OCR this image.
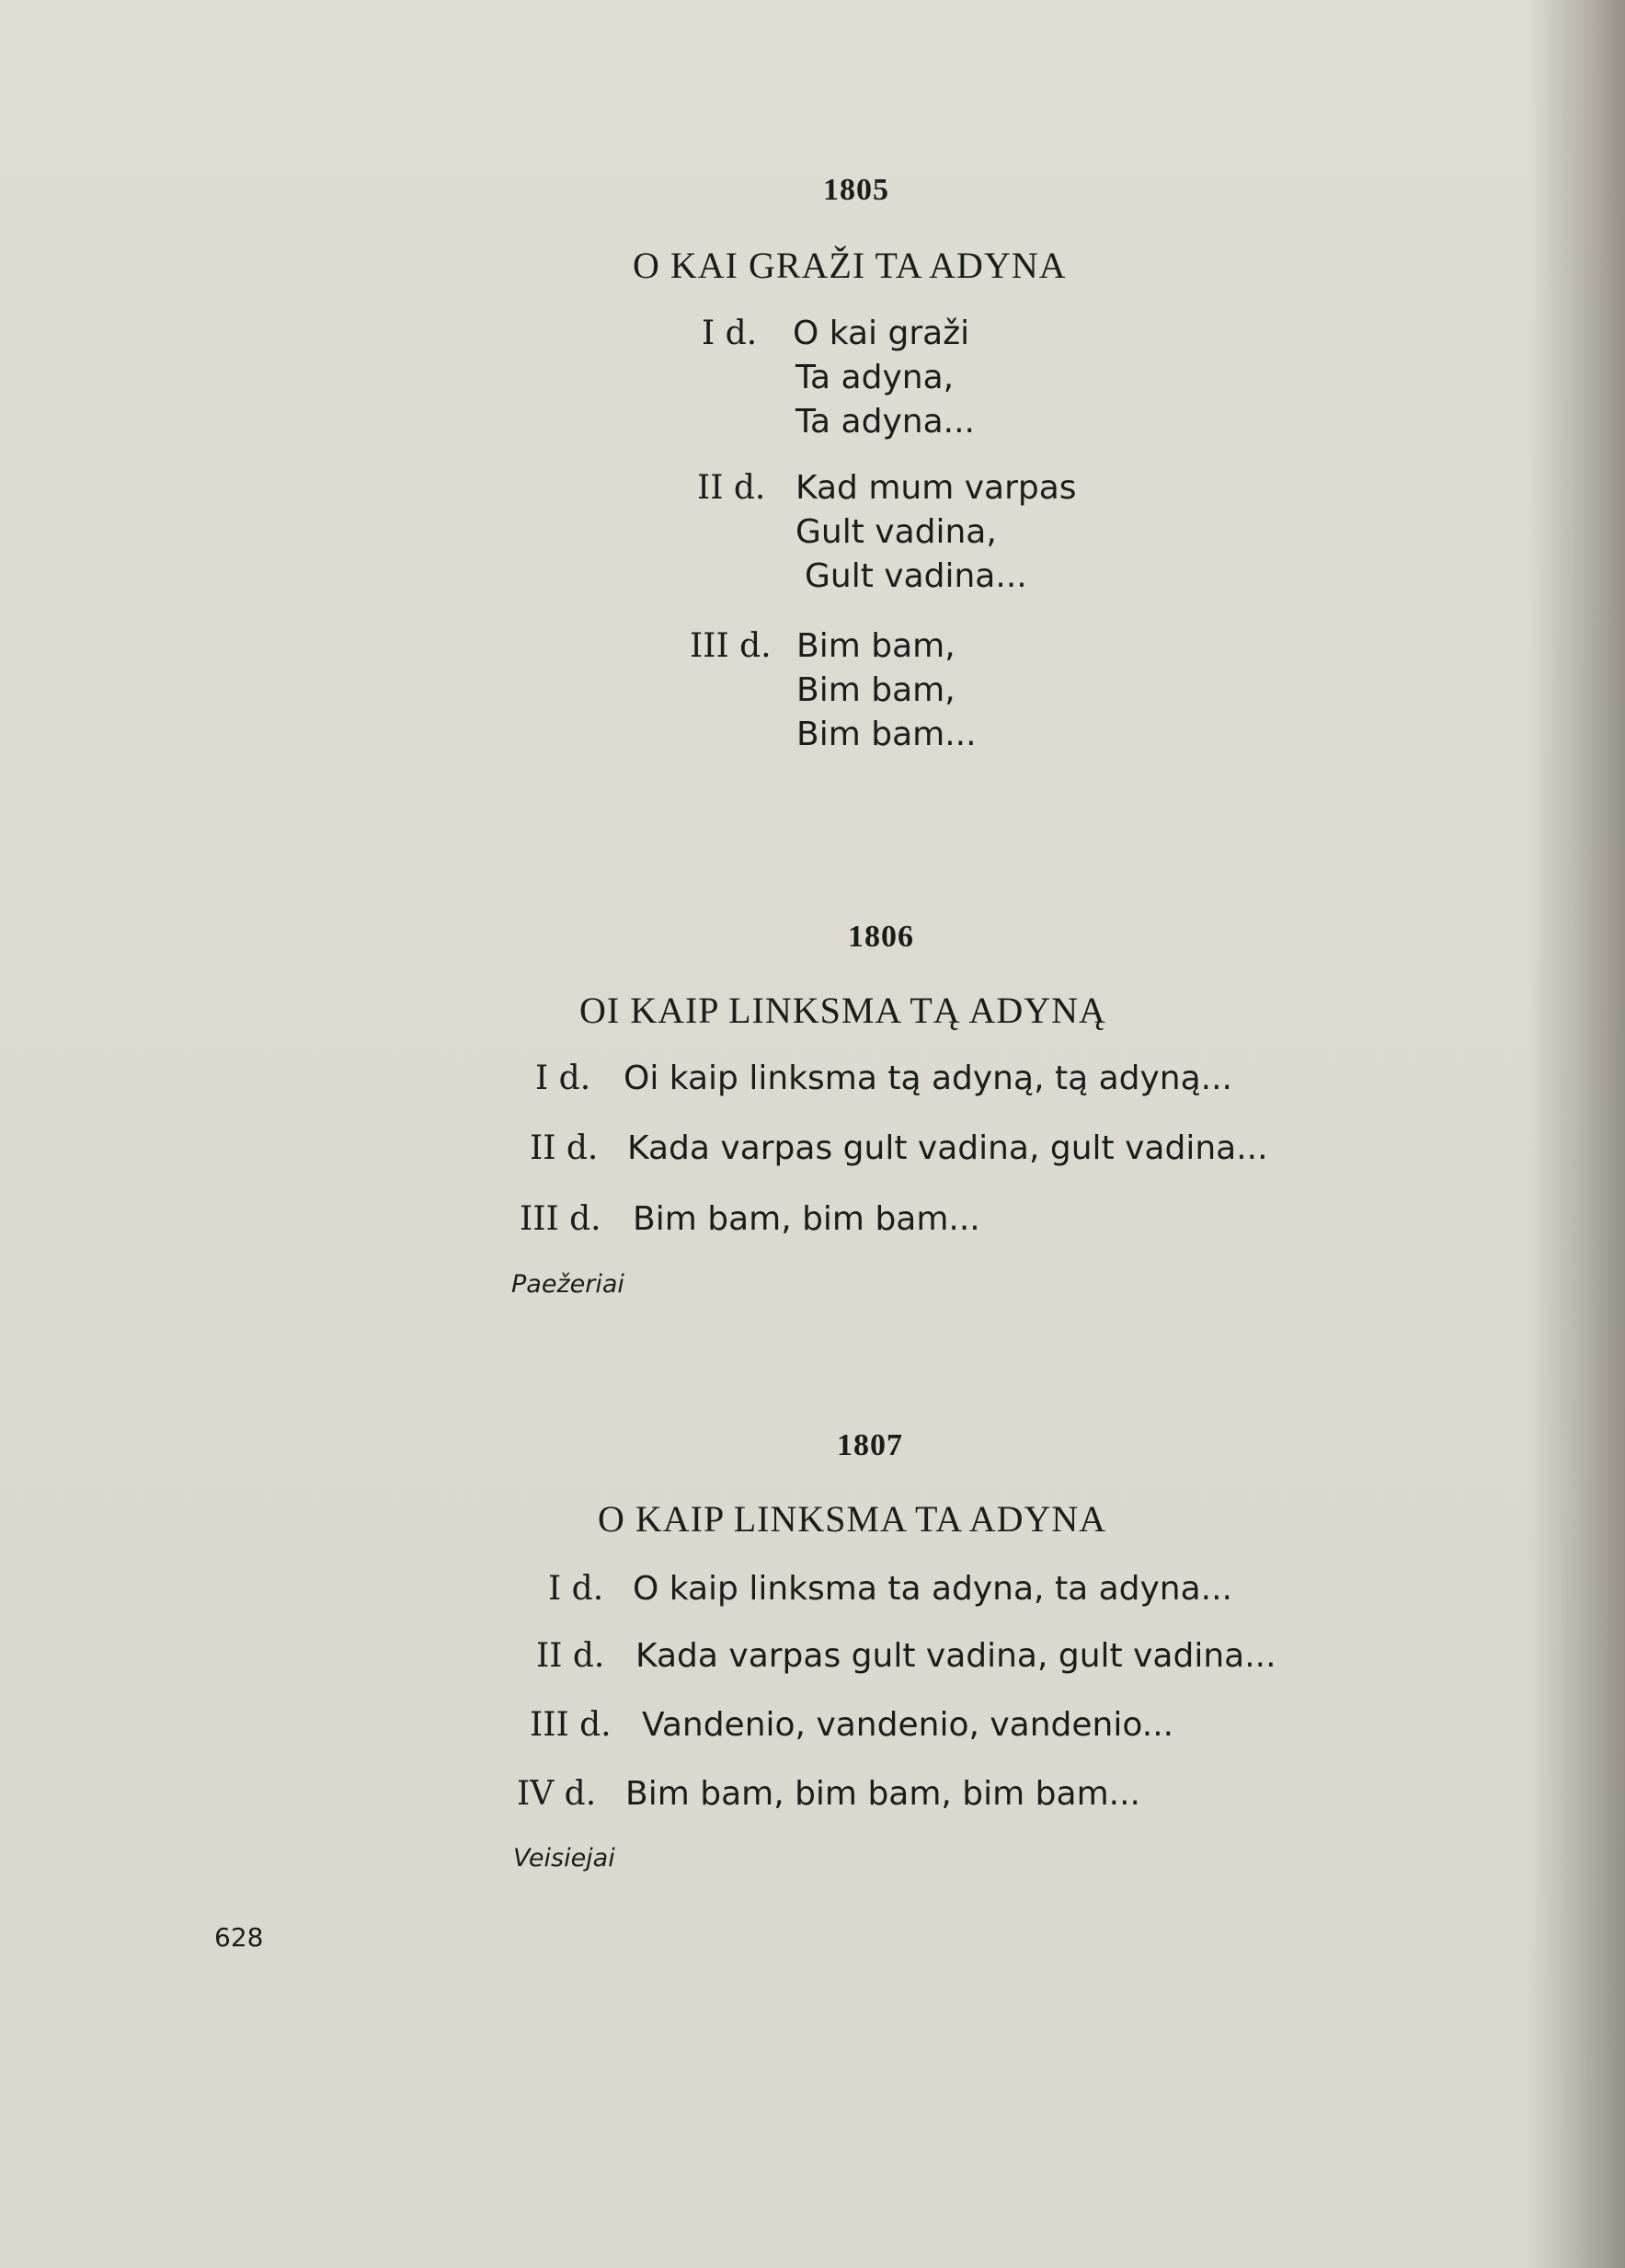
1805
O KAI GRAŽI TA ADYNA
I d. O kai graži
Ta adyna,
Ta adyna...
II d. Kad mum varpas
Gult vadina,
Gult vadina...
III d. Bim bam,
Bim bam,
Bim bam...
1806
OI KAIP LINKSMA TĄ ADYNĄ
I d. Oi kaip linksma tą adyną, tą adyną...
II d. Kada varpas gult vadina, gult vadina...
III d. Bim bam, bim bam...
Paežeriai
1807
O KAIP LINKSMA TA ADYNA
I d. O kaip linksma ta adyna, ta adyna...
II d. Kada varpas gult vadina, gult vadina...
III d. Vandenio, vandenio, vandenio...
IV d. Bim bam, bim bam, bim bam...
Veisiejai
628
